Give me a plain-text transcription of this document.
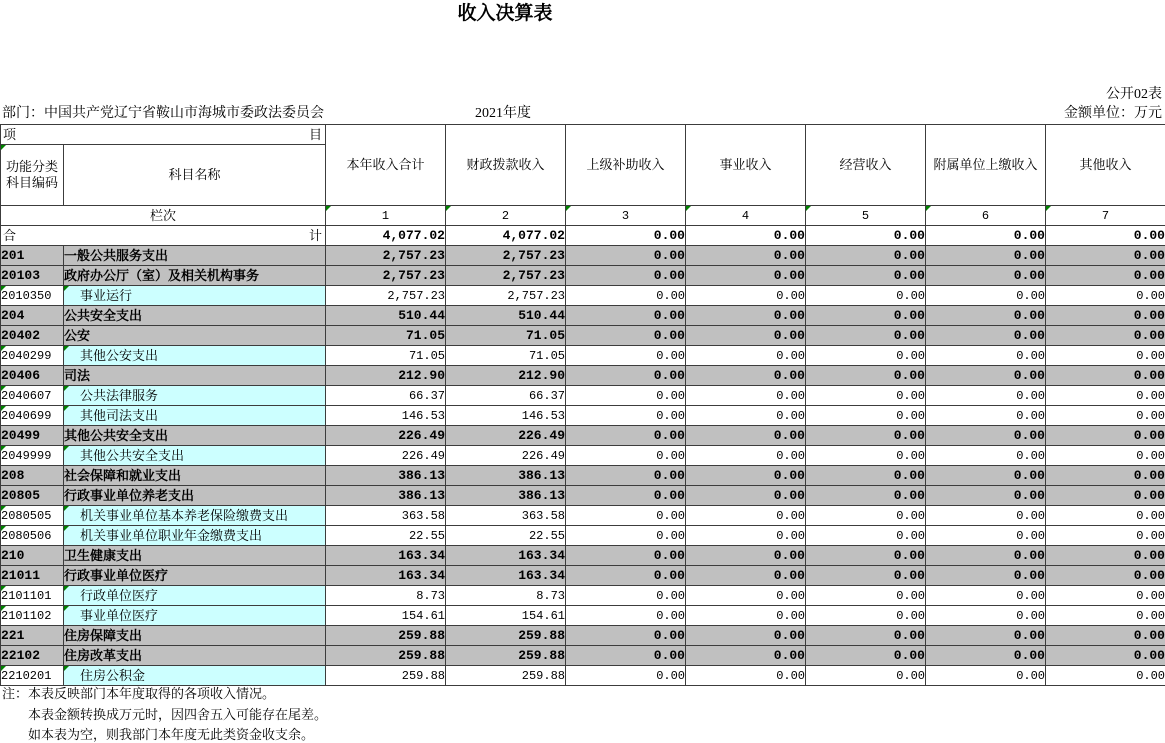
收入决算表
公开02表
部门：中国共产党辽宁省鞍山市海城市委政法委员会	2021年度	金额单位：万元
项 目		本年收入合计	财政拨款收入	上级补助收入	事业收入	经营收入	附属单位上缴收入	其他收入

功能分类
科目编码	科目名称							
栏次		1	2	3	4	5	6	7

合 计		4,077.02	4,077.02	0.00	0.00	0.00	0.00	0.00
201	一般公共服务支出	2,757.23	2,757.23	0.00	0.00	0.00	0.00	0.00
20103	政府办公厅（室）及相关机构事务	2,757.23	2,757.23	0.00	0.00	0.00	0.00	0.00
2010350	事业运行	2,757.23	2,757.23	0.00	0.00	0.00	0.00	0.00
204	公共安全支出	510.44	510.44	0.00	0.00	0.00	0.00	0.00
20402	公安	71.05	71.05	0.00	0.00	0.00	0.00	0.00
2040299	其他公安支出	71.05	71.05	0.00	0.00	0.00	0.00	0.00
20406	司法	212.90	212.90	0.00	0.00	0.00	0.00	0.00
2040607	公共法律服务	66.37	66.37	0.00	0.00	0.00	0.00	0.00
2040699	其他司法支出	146.53	146.53	0.00	0.00	0.00	0.00	0.00
20499	其他公共安全支出	226.49	226.49	0.00	0.00	0.00	0.00	0.00
2049999	其他公共安全支出	226.49	226.49	0.00	0.00	0.00	0.00	0.00
208	社会保障和就业支出	386.13	386.13	0.00	0.00	0.00	0.00	0.00
20805	行政事业单位养老支出	386.13	386.13	0.00	0.00	0.00	0.00	0.00
2080505	机关事业单位基本养老保险缴费支出	363.58	363.58	0.00	0.00	0.00	0.00	0.00
2080506	机关事业单位职业年金缴费支出	22.55	22.55	0.00	0.00	0.00	0.00	0.00
210	卫生健康支出	163.34	163.34	0.00	0.00	0.00	0.00	0.00
21011	行政事业单位医疗	163.34	163.34	0.00	0.00	0.00	0.00	0.00
2101101	行政单位医疗	8.73	8.73	0.00	0.00	0.00	0.00	0.00
2101102	事业单位医疗	154.61	154.61	0.00	0.00	0.00	0.00	0.00
221	住房保障支出	259.88	259.88	0.00	0.00	0.00	0.00	0.00
22102	住房改革支出	259.88	259.88	0.00	0.00	0.00	0.00	0.00
2210201	住房公积金	259.88	259.88	0.00	0.00	0.00	0.00	0.00
注：本表反映部门本年度取得的各项收入情况。
本表金额转换成万元时，因四舍五入可能存在尾差。
如本表为空，则我部门本年度无此类资金收支余。
